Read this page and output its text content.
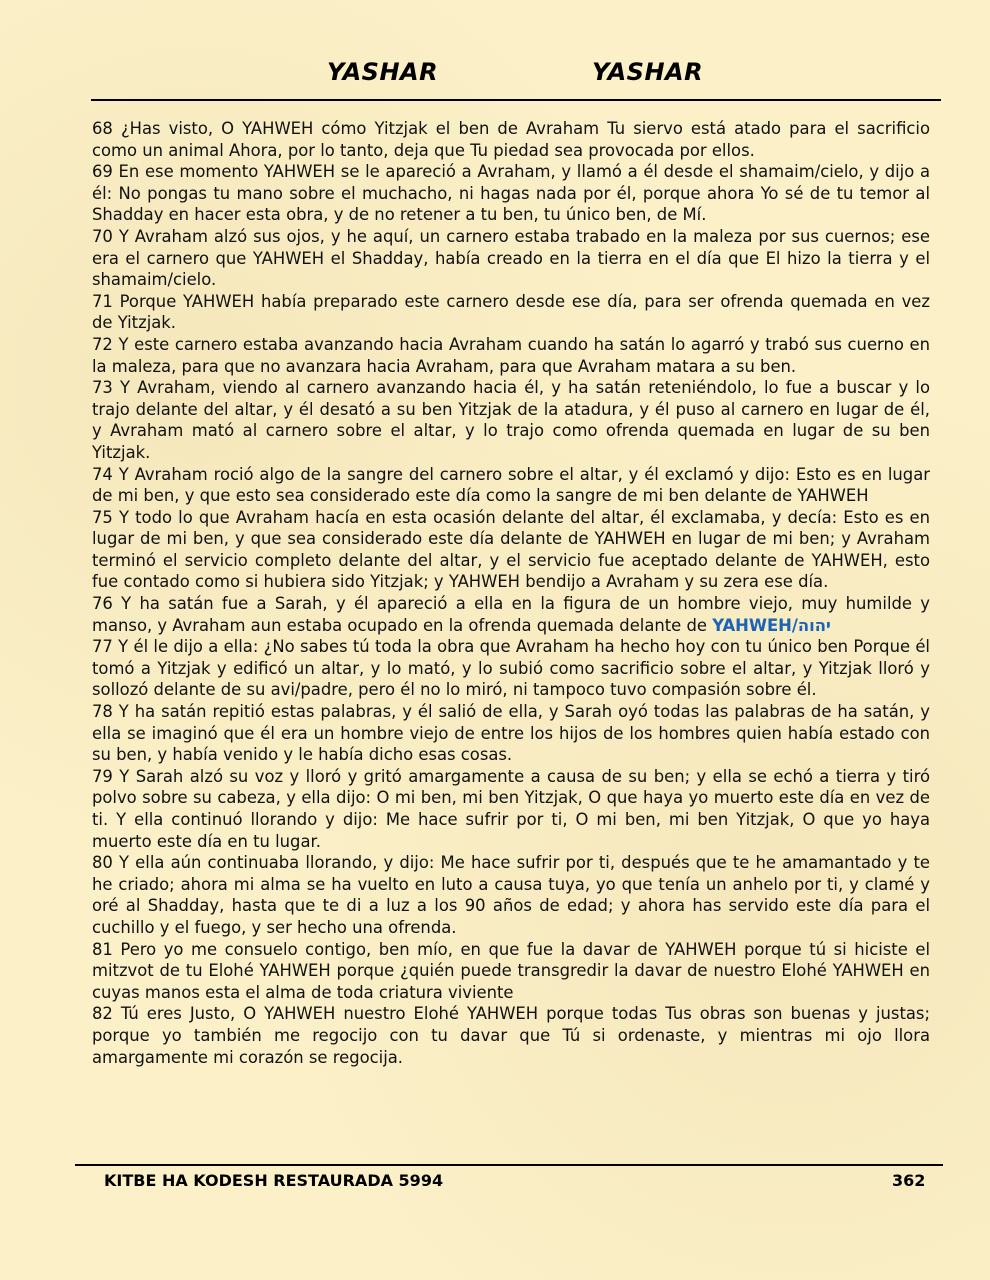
YASHAR	YASHAR

68 ¿Has visto, O YAHWEH cómo Yitzjak el ben de Avraham Tu siervo está atado para el sacrificio como un animal Ahora, por lo tanto, deja que Tu piedad sea provocada por ellos.

69 En ese momento YAHWEH se le apareció a Avraham, y llamó a él desde el shamaim/cielo, y dijo a él: No pongas tu mano sobre el muchacho, ni hagas nada por él, porque ahora Yo sé de tu temor al Shadday en hacer esta obra, y de no retener a tu ben, tu único ben, de Mí.

70 Y Avraham alzó sus ojos, y he aquí, un carnero estaba trabado en la maleza por sus cuernos; ese era el carnero que YAHWEH el Shadday, había creado en la tierra en el día que El hizo la tierra y el shamaim/cielo.

71 Porque YAHWEH había preparado este carnero desde ese día, para ser ofrenda quemada en vez de Yitzjak.

72 Y este carnero estaba avanzando hacia Avraham cuando ha satán lo agarró y trabó sus cuerno en la maleza, para que no avanzara hacia Avraham, para que Avraham matara a su ben.

73 Y Avraham, viendo al carnero avanzando hacia él, y ha satán reteniéndolo, lo fue a buscar y lo trajo delante del altar, y él desató a su ben Yitzjak de la atadura, y él puso al carnero en lugar de él, y Avraham mató al carnero sobre el altar, y lo trajo como ofrenda quemada en lugar de su ben Yitzjak.

74 Y Avraham roció algo de la sangre del carnero sobre el altar, y él exclamó y dijo: Esto es en lugar de mi ben, y que esto sea considerado este día como la sangre de mi ben delante de YAHWEH

75 Y todo lo que Avraham hacía en esta ocasión delante del altar, él exclamaba, y decía: Esto es en lugar de mi ben, y que sea considerado este día delante de YAHWEH en lugar de mi ben; y Avraham terminó el servicio completo delante del altar, y el servicio fue aceptado delante de YAHWEH, esto fue contado como si hubiera sido Yitzjak; y YAHWEH bendijo a Avraham y su zera ese día.

76 Y ha satán fue a Sarah, y él apareció a ella en la figura de un hombre viejo, muy humilde y manso, y Avraham aun estaba ocupado en la ofrenda quemada delante de YAHWEH/יהוה

77 Y él le dijo a ella: ¿No sabes tú toda la obra que Avraham ha hecho hoy con tu único ben Porque él tomó a Yitzjak y edificó un altar, y lo mató, y lo subió como sacrificio sobre el altar, y Yitzjak lloró y sollozó delante de su avi/padre, pero él no lo miró, ni tampoco tuvo compasión sobre él.

78 Y ha satán repitió estas palabras, y él salió de ella, y Sarah oyó todas las palabras de ha satán, y ella se imaginó que él era un hombre viejo de entre los hijos de los hombres quien había estado con su ben, y había venido y le había dicho esas cosas.

79 Y Sarah alzó su voz y lloró y gritó amargamente a causa de su ben; y ella se echó a tierra y tiró polvo sobre su cabeza, y ella dijo: O mi ben, mi ben Yitzjak, O que haya yo muerto este día en vez de ti. Y ella continuó llorando y dijo: Me hace sufrir por ti, O mi ben, mi ben Yitzjak, O que yo haya muerto este día en tu lugar.

80 Y ella aún continuaba llorando, y dijo: Me hace sufrir por ti, después que te he amamantado y te he criado; ahora mi alma se ha vuelto en luto a causa tuya, yo que tenía un anhelo por ti, y clamé y oré al Shadday, hasta que te di a luz a los 90 años de edad; y ahora has servido este día para el cuchillo y el fuego, y ser hecho una ofrenda.

81 Pero yo me consuelo contigo, ben mío, en que fue la davar de YAHWEH porque tú si hiciste el mitzvot de tu Elohé YAHWEH porque ¿quién puede transgredir la davar de nuestro Elohé YAHWEH en cuyas manos esta el alma de toda criatura viviente

82 Tú eres Justo, O YAHWEH nuestro Elohé YAHWEH porque todas Tus obras son buenas y justas; porque yo también me regocijo con tu davar que Tú si ordenaste, y mientras mi ojo llora amargamente mi corazón se regocija.

KITBE HA KODESH RESTAURADA 5994	362
